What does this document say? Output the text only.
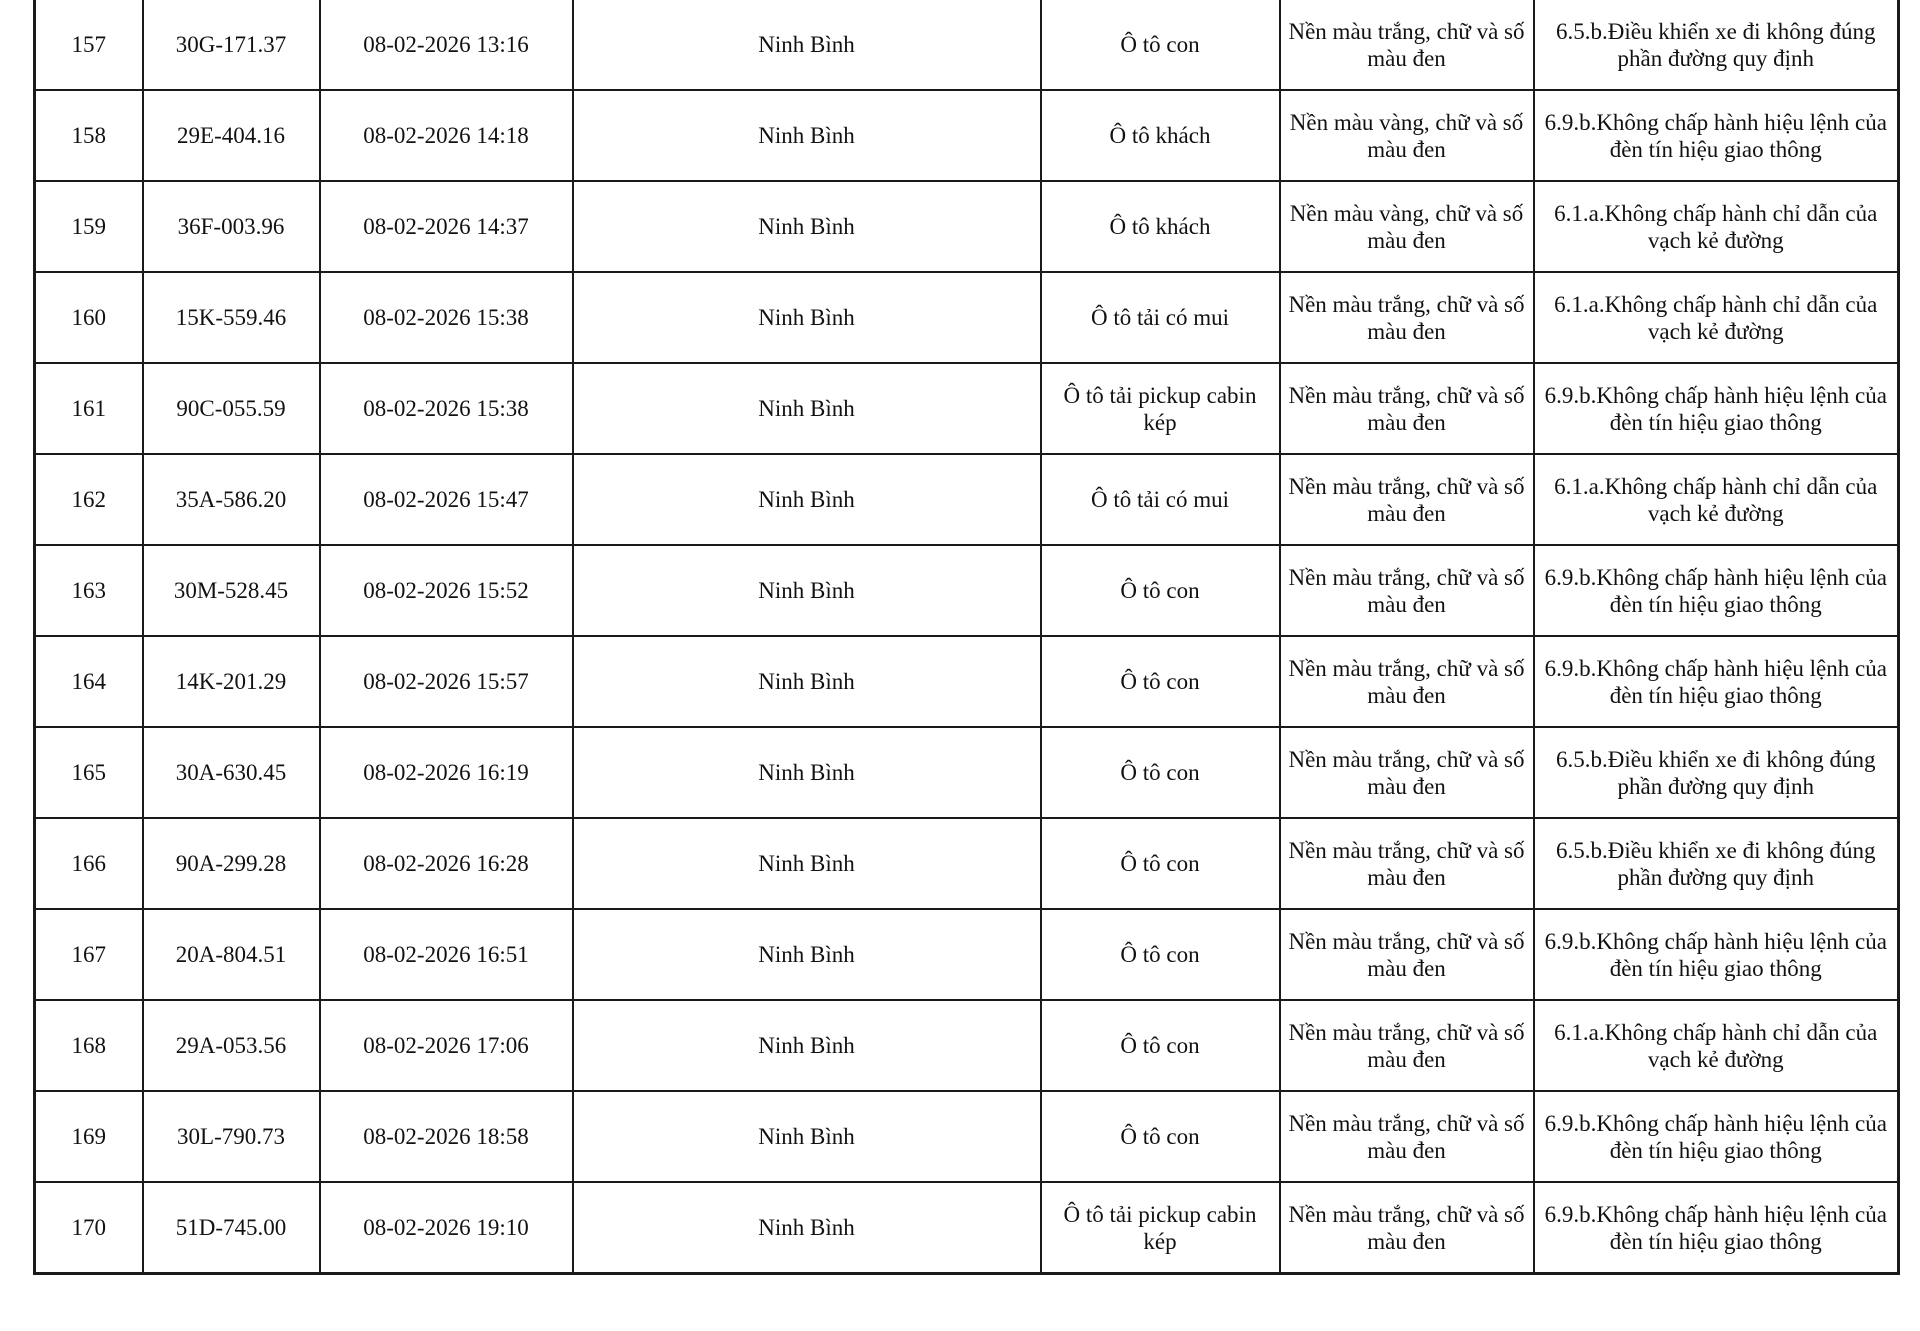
157	30G-171.37	08-02-2026 13:16	Ninh Bình	Ô tô con	Nền màu trắng, chữ và số màu đen	6.5.b.Điều khiển xe đi không đúng phần đường quy định
158	29E-404.16	08-02-2026 14:18	Ninh Bình	Ô tô khách	Nền màu vàng, chữ và số màu đen	6.9.b.Không chấp hành hiệu lệnh của đèn tín hiệu giao thông
159	36F-003.96	08-02-2026 14:37	Ninh Bình	Ô tô khách	Nền màu vàng, chữ và số màu đen	6.1.a.Không chấp hành chỉ dẫn của vạch kẻ đường
160	15K-559.46	08-02-2026 15:38	Ninh Bình	Ô tô tải có mui	Nền màu trắng, chữ và số màu đen	6.1.a.Không chấp hành chỉ dẫn của vạch kẻ đường
161	90C-055.59	08-02-2026 15:38	Ninh Bình	Ô tô tải pickup cabin kép	Nền màu trắng, chữ và số màu đen	6.9.b.Không chấp hành hiệu lệnh của đèn tín hiệu giao thông
162	35A-586.20	08-02-2026 15:47	Ninh Bình	Ô tô tải có mui	Nền màu trắng, chữ và số màu đen	6.1.a.Không chấp hành chỉ dẫn của vạch kẻ đường
163	30M-528.45	08-02-2026 15:52	Ninh Bình	Ô tô con	Nền màu trắng, chữ và số màu đen	6.9.b.Không chấp hành hiệu lệnh của đèn tín hiệu giao thông
164	14K-201.29	08-02-2026 15:57	Ninh Bình	Ô tô con	Nền màu trắng, chữ và số màu đen	6.9.b.Không chấp hành hiệu lệnh của đèn tín hiệu giao thông
165	30A-630.45	08-02-2026 16:19	Ninh Bình	Ô tô con	Nền màu trắng, chữ và số màu đen	6.5.b.Điều khiển xe đi không đúng phần đường quy định
166	90A-299.28	08-02-2026 16:28	Ninh Bình	Ô tô con	Nền màu trắng, chữ và số màu đen	6.5.b.Điều khiển xe đi không đúng phần đường quy định
167	20A-804.51	08-02-2026 16:51	Ninh Bình	Ô tô con	Nền màu trắng, chữ và số màu đen	6.9.b.Không chấp hành hiệu lệnh của đèn tín hiệu giao thông
168	29A-053.56	08-02-2026 17:06	Ninh Bình	Ô tô con	Nền màu trắng, chữ và số màu đen	6.1.a.Không chấp hành chỉ dẫn của vạch kẻ đường
169	30L-790.73	08-02-2026 18:58	Ninh Bình	Ô tô con	Nền màu trắng, chữ và số màu đen	6.9.b.Không chấp hành hiệu lệnh của đèn tín hiệu giao thông
170	51D-745.00	08-02-2026 19:10	Ninh Bình	Ô tô tải pickup cabin kép	Nền màu trắng, chữ và số màu đen	6.9.b.Không chấp hành hiệu lệnh của đèn tín hiệu giao thông
